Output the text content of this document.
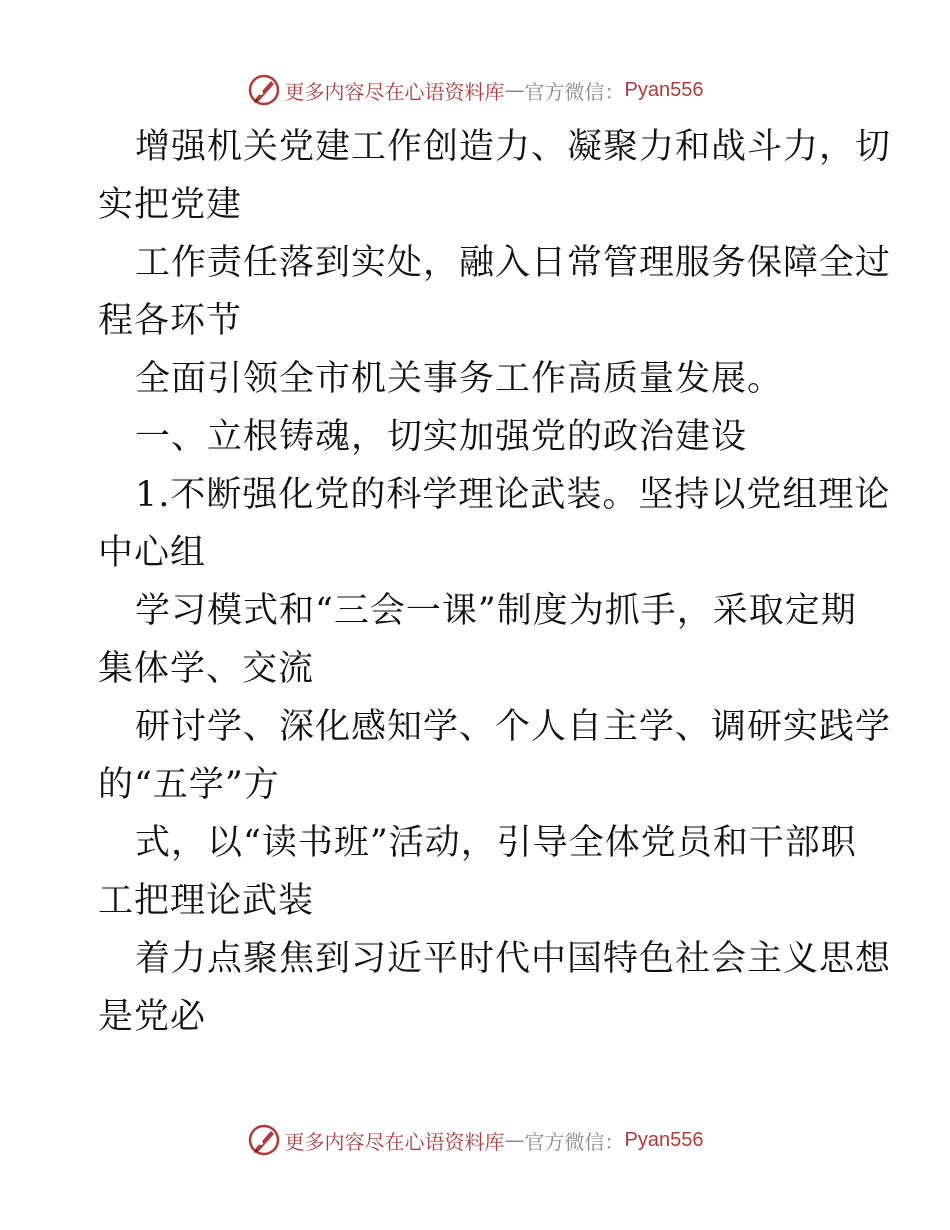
更多内容尽在心语资料库 — 官方微信： Pyan556
增强机关党建工作创造力、凝聚力和战斗力，切
实把党建
工作责任落到实处，融入日常管理服务保障全过
程各环节
全面引领全市机关事务工作高质量发展。
一、立根铸魂，切实加强党的政治建设
1.不断强化党的科学理论武装。坚持以党组理论
中心组
学习模式和“三会一课”制度为抓手，采取定期
集体学、交流
研讨学、深化感知学、个人自主学、调研实践学
的“五学”方
式，以“读书班”活动，引导全体党员和干部职
工把理论武装
着力点聚焦到习近平时代中国特色社会主义思想
是党必
更多内容尽在心语资料库 — 官方微信： Pyan556
